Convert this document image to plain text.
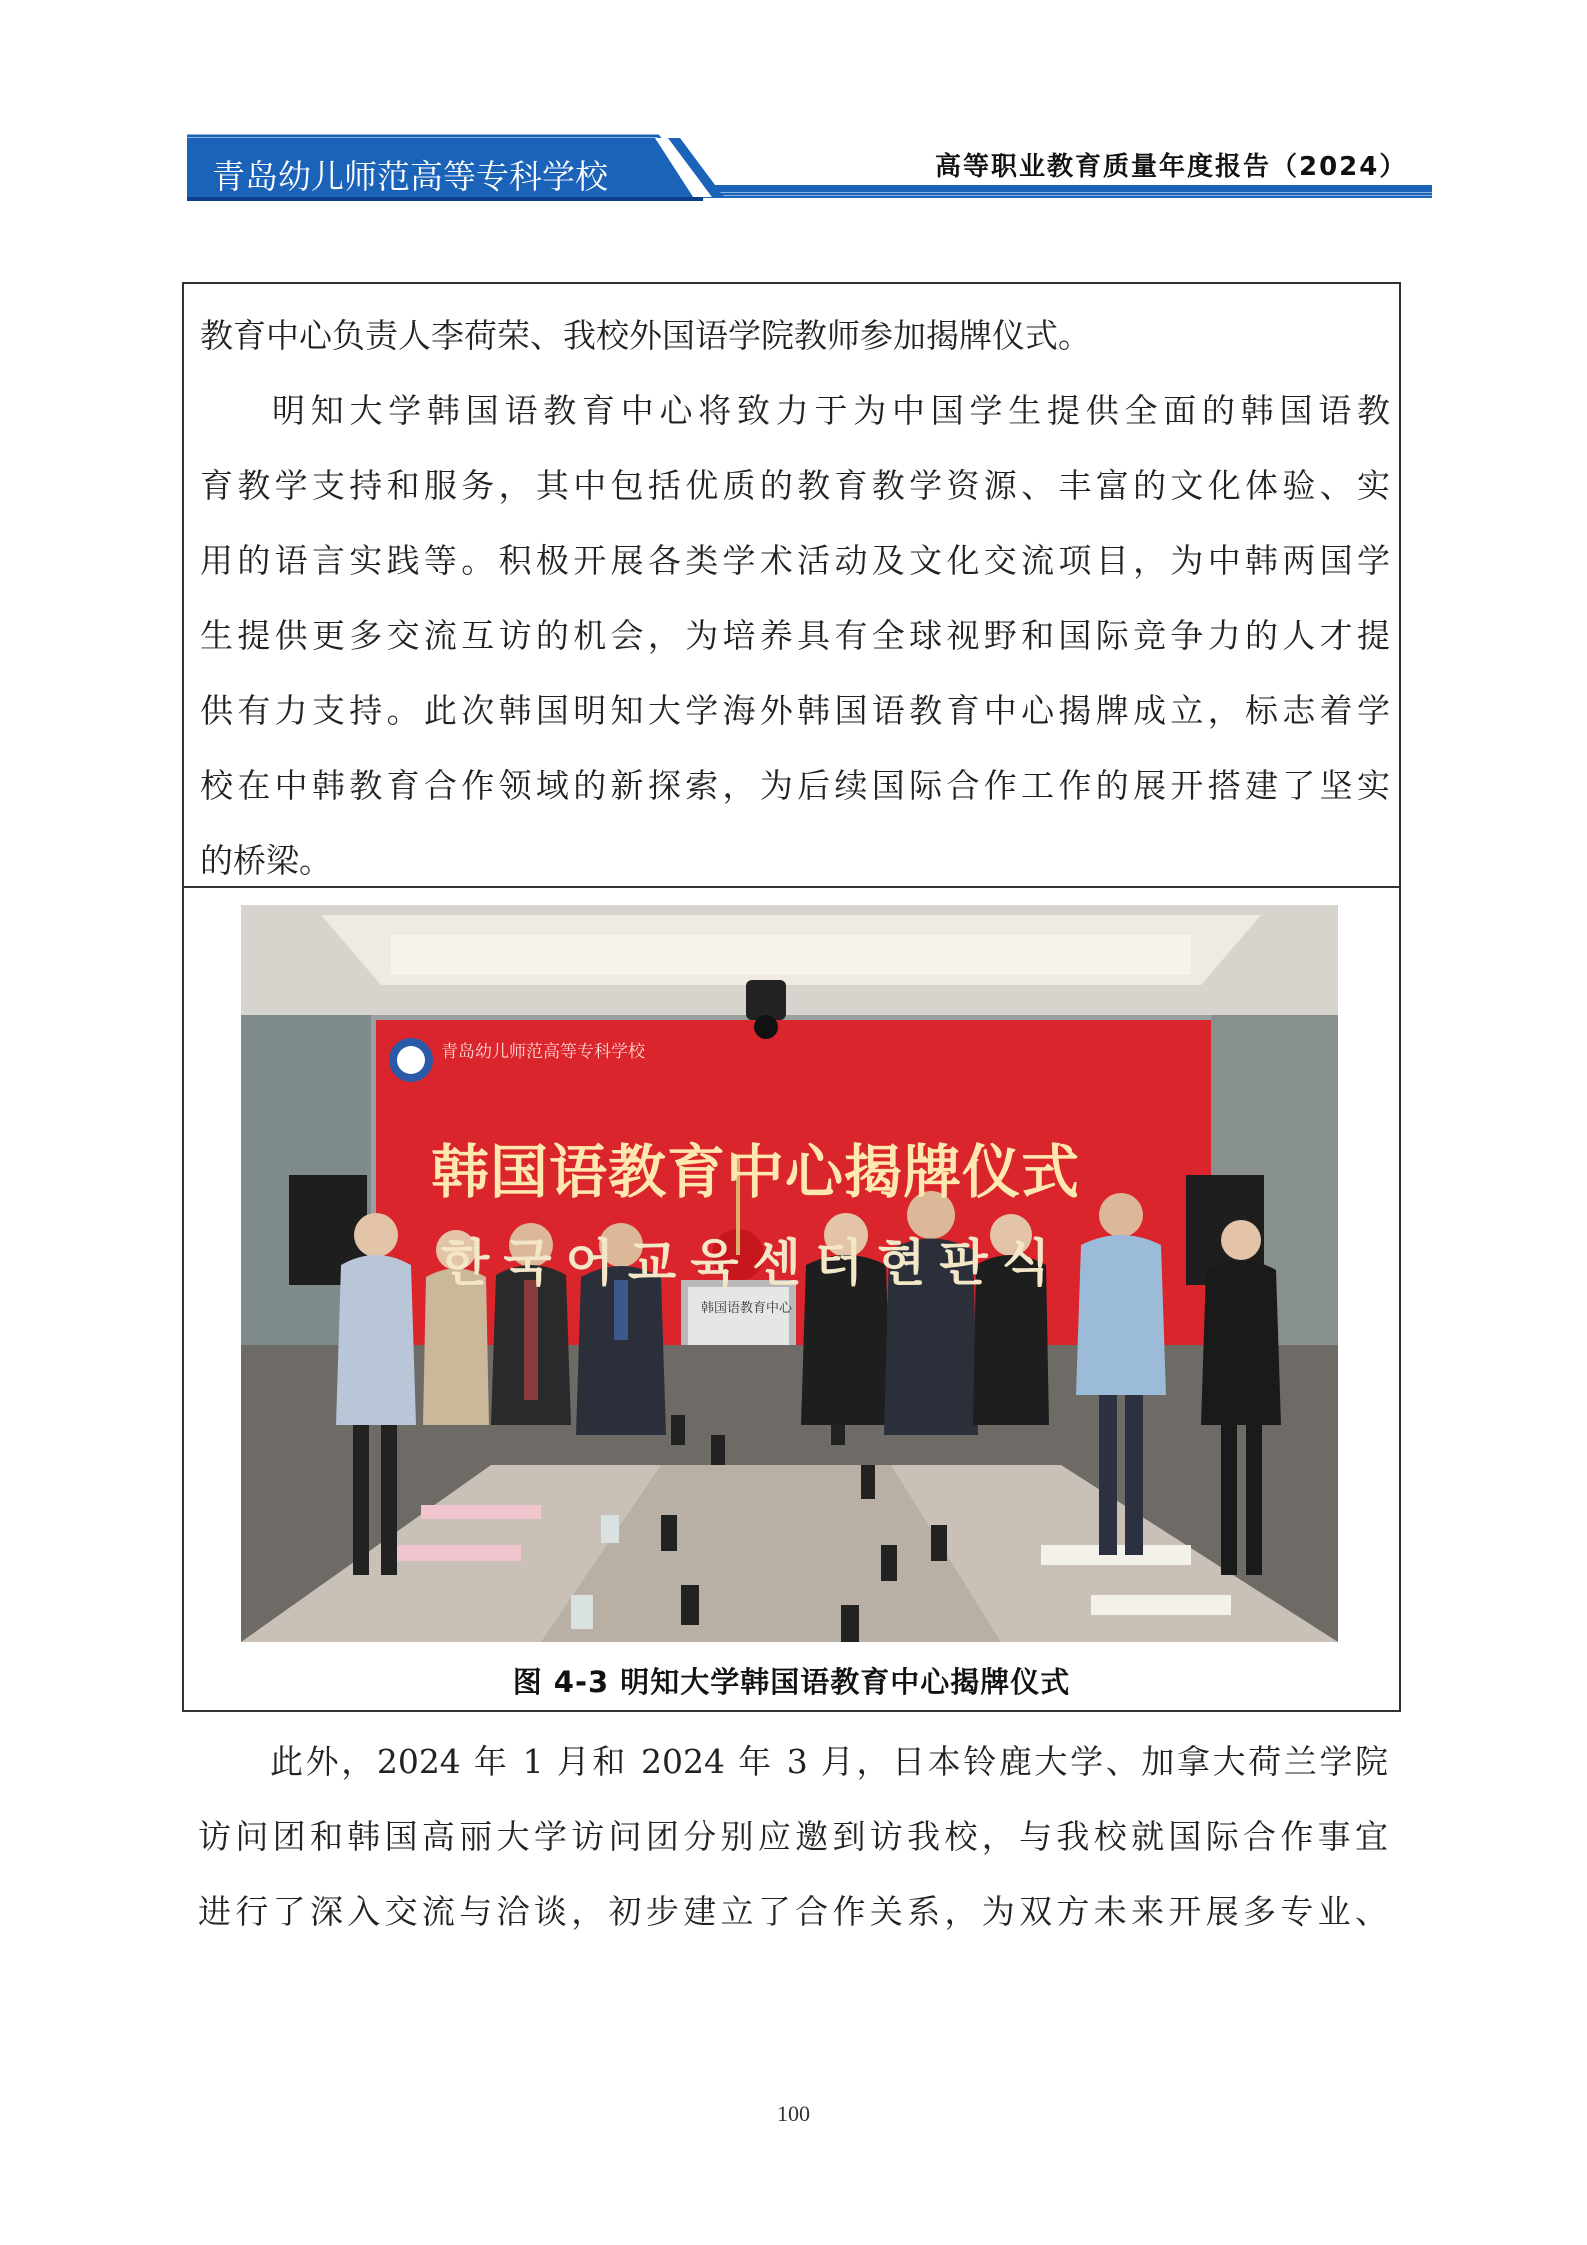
青岛幼儿师范高等专科学校	高等职业教育质量年度报告（2024）
教育中心负责人李荷荣、我校外国语学院教师参加揭牌仪式。
明知大学韩国语教育中心将致力于为中国学生提供全面的韩国语教
育教学支持和服务，其中包括优质的教育教学资源、丰富的文化体验、实
用的语言实践等。积极开展各类学术活动及文化交流项目，为中韩两国学
生提供更多交流互访的机会，为培养具有全球视野和国际竞争力的人才提
供有力支持。此次韩国明知大学海外韩国语教育中心揭牌成立，标志着学
校在中韩教育合作领域的新探索，为后续国际合作工作的展开搭建了坚实
的桥梁。
青岛幼儿师范高等专科学校
韩国语教育中心揭牌仪式
한국어교육센터현판식
韩国语教育中心
图 4-3 明知大学韩国语教育中心揭牌仪式
此外，2024 年 1 月和 2024 年 3 月，日本铃鹿大学、加拿大荷兰学院
访问团和韩国高丽大学访问团分别应邀到访我校，与我校就国际合作事宜
进行了深入交流与洽谈，初步建立了合作关系，为双方未来开展多专业、
100
